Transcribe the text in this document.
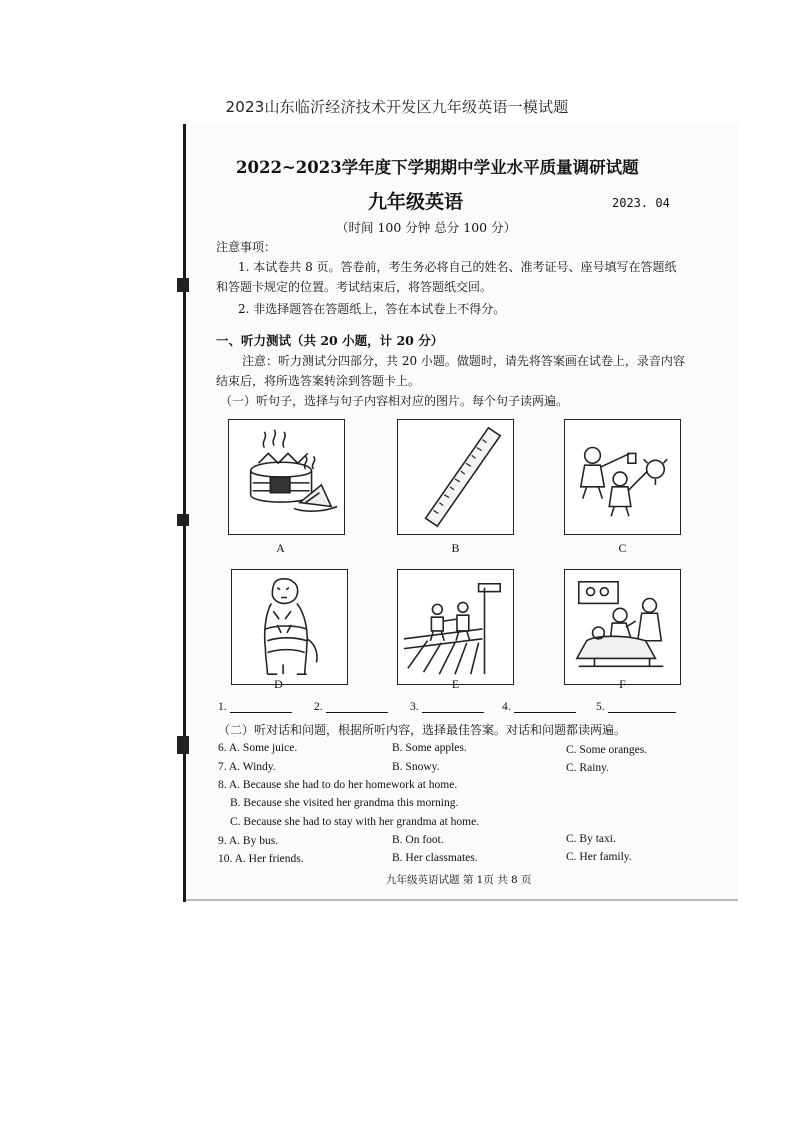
2023山东临沂经济技术开发区九年级英语一模试题
2022~2023学年度下学期期中学业水平质量调研试题
九年级英语	2023. 04
（时间 100 分钟 总分 100 分）
注意事项：
1. 本试卷共 8 页。答卷前，考生务必将自己的姓名、准考证号、座号填写在答题纸
和答题卡规定的位置。考试结束后，将答题纸交回。
2. 非选择题答在答题纸上，答在本试卷上不得分。
一、听力测试（共 20 小题，计 20 分）
注意：听力测试分四部分，共 20 小题。做题时，请先将答案画在试卷上，录音内容
结束后，将所选答案转涂到答题卡上。
（一）听句子，选择与句子内容相对应的图片。每个句子读两遍。
A	B	C
D	E	F
1.	2.	3.	4.	5.
（二）听对话和问题，根据所听内容，选择最佳答案。对话和问题都读两遍。
6. A. Some juice.	B. Some apples.	C. Some oranges.
7. A. Windy.	B. Snowy.	C. Rainy.
8. A. Because she had to do her homework at home.
B. Because she visited her grandma this morning.
C. Because she had to stay with her grandma at home.
9. A. By bus.	B. On foot.	C. By taxi.
10. A. Her friends.	B. Her classmates.	C. Her family.
九年级英语试题 第 1页 共 8 页
